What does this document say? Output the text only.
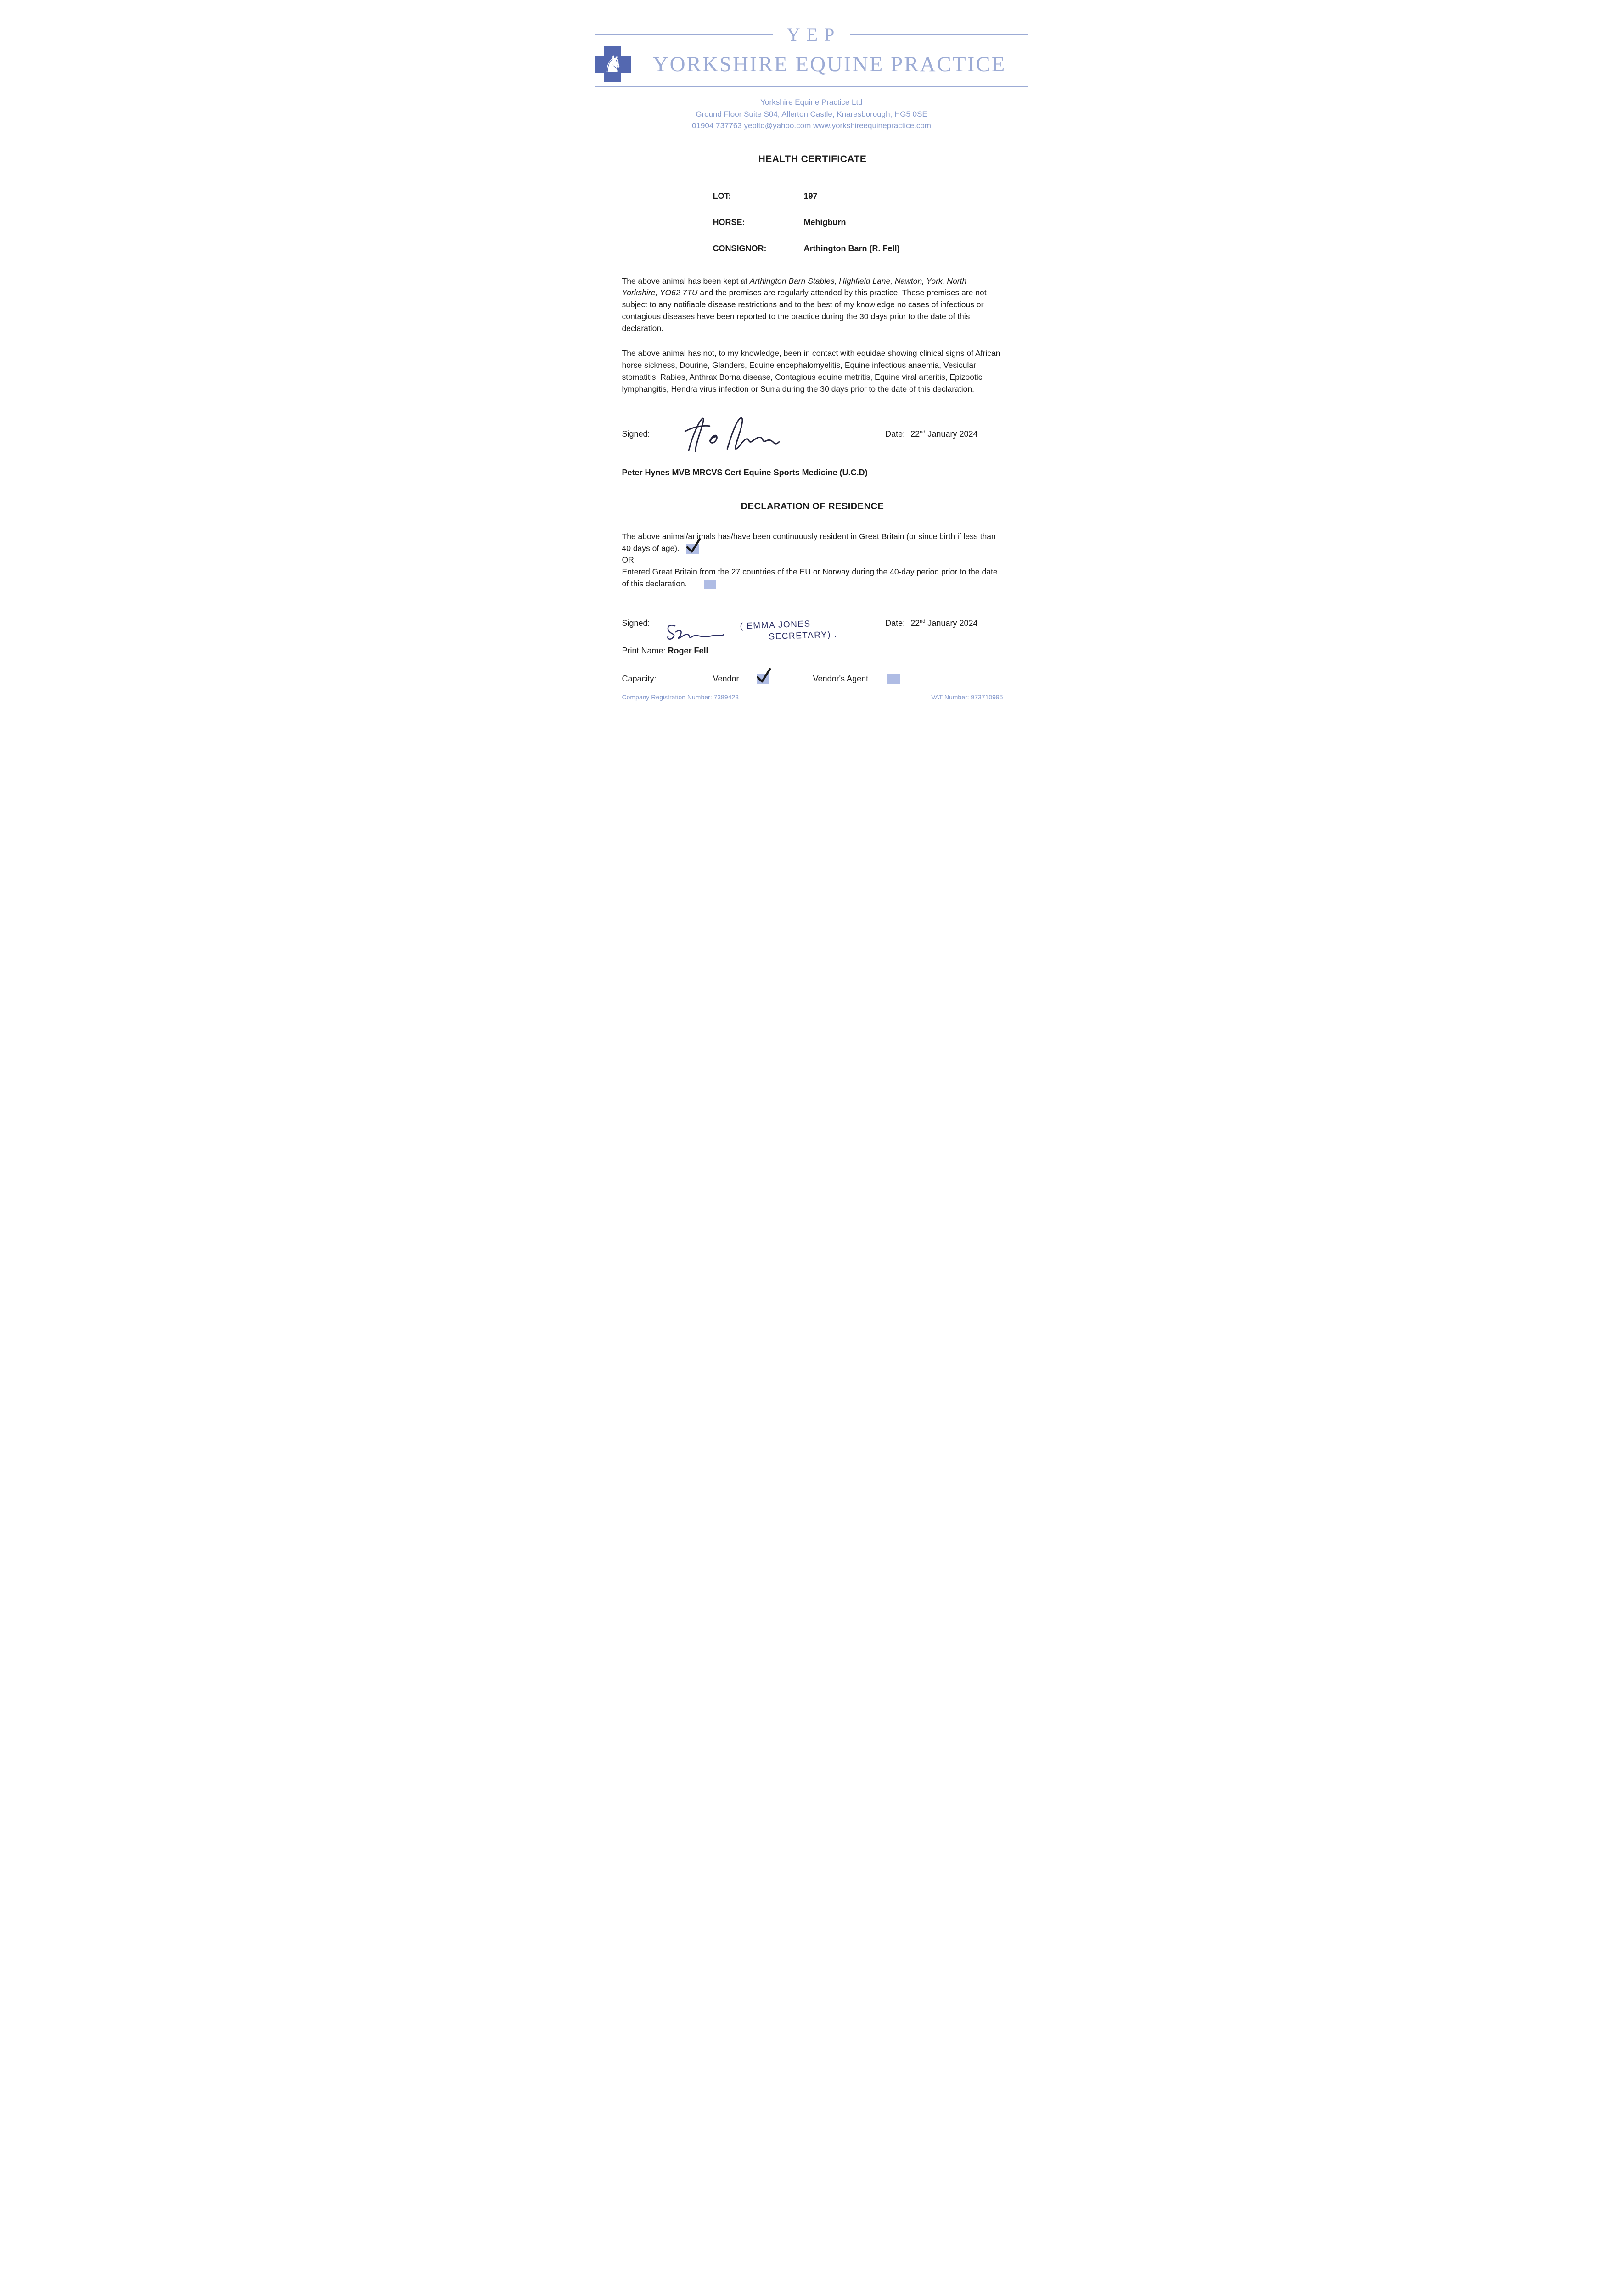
YEP
♞	YORKSHIRE EQUINE PRACTICE
Yorkshire Equine Practice Ltd
Ground Floor Suite S04, Allerton Castle, Knaresborough, HG5 0SE
01904 737763 yepltd@yahoo.com www.yorkshireequinepractice.com
HEALTH CERTIFICATE
LOT:	197
HORSE:	Mehigburn
CONSIGNOR:	Arthington Barn (R. Fell)
The above animal has been kept at Arthington Barn Stables, Highfield Lane, Nawton, York, North Yorkshire, YO62 7TU and the premises are regularly attended by this practice. These premises are not subject to any notifiable disease restrictions and to the best of my knowledge no cases of infectious or contagious diseases have been reported to the practice during the 30 days prior to the date of this declaration.
The above animal has not, to my knowledge, been in contact with equidae showing clinical signs of African horse sickness, Dourine, Glanders, Equine encephalomyelitis, Equine infectious anaemia, Vesicular stomatitis, Rabies, Anthrax Borna disease, Contagious equine metritis, Equine viral arteritis, Epizootic lymphangitis, Hendra virus infection or Surra during the 30 days prior to the date of this declaration.
Signed:	Date: 22nd January 2024
Peter Hynes MVB MRCVS Cert Equine Sports Medicine (U.C.D)
DECLARATION OF RESIDENCE
The above animal/animals has/have been continuously resident in Great Britain (or since birth if less than 40 days of age).
OR
Entered Great Britain from the 27 countries of the EU or Norway during the 40-day period prior to the date of this declaration.
Signed:	( EMMA JONES
SECRETARY) .
Date: 22nd January 2024
Print Name: Roger Fell
Capacity:	Vendor	Vendor's Agent
Company Registration Number: 7389423	VAT Number: 973710995
